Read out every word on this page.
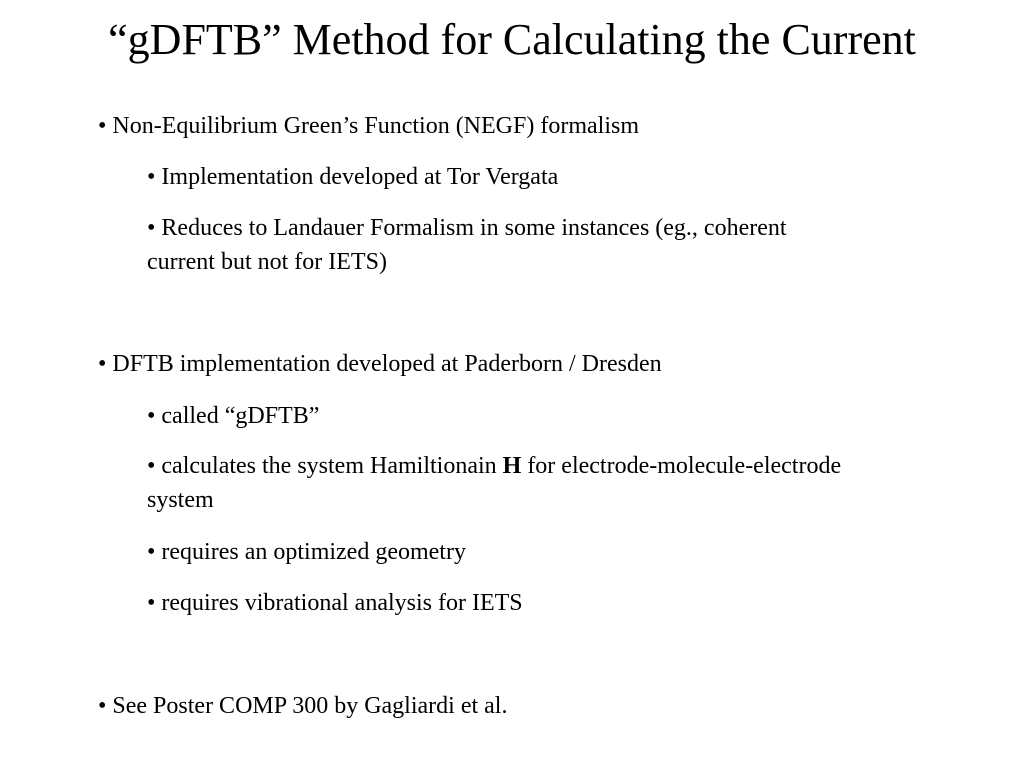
“gDFTB” Method for Calculating the Current
• Non-Equilibrium Green’s Function (NEGF) formalism
• Implementation developed at Tor Vergata
• Reduces to Landauer Formalism in some instances (eg., coherent
current but not for IETS)
• DFTB implementation developed at Paderborn / Dresden
• called “gDFTB”
• calculates the system Hamiltionain H for electrode-molecule-electrode
system
• requires an optimized geometry
• requires vibrational analysis for IETS
• See Poster COMP 300 by Gagliardi et al.
